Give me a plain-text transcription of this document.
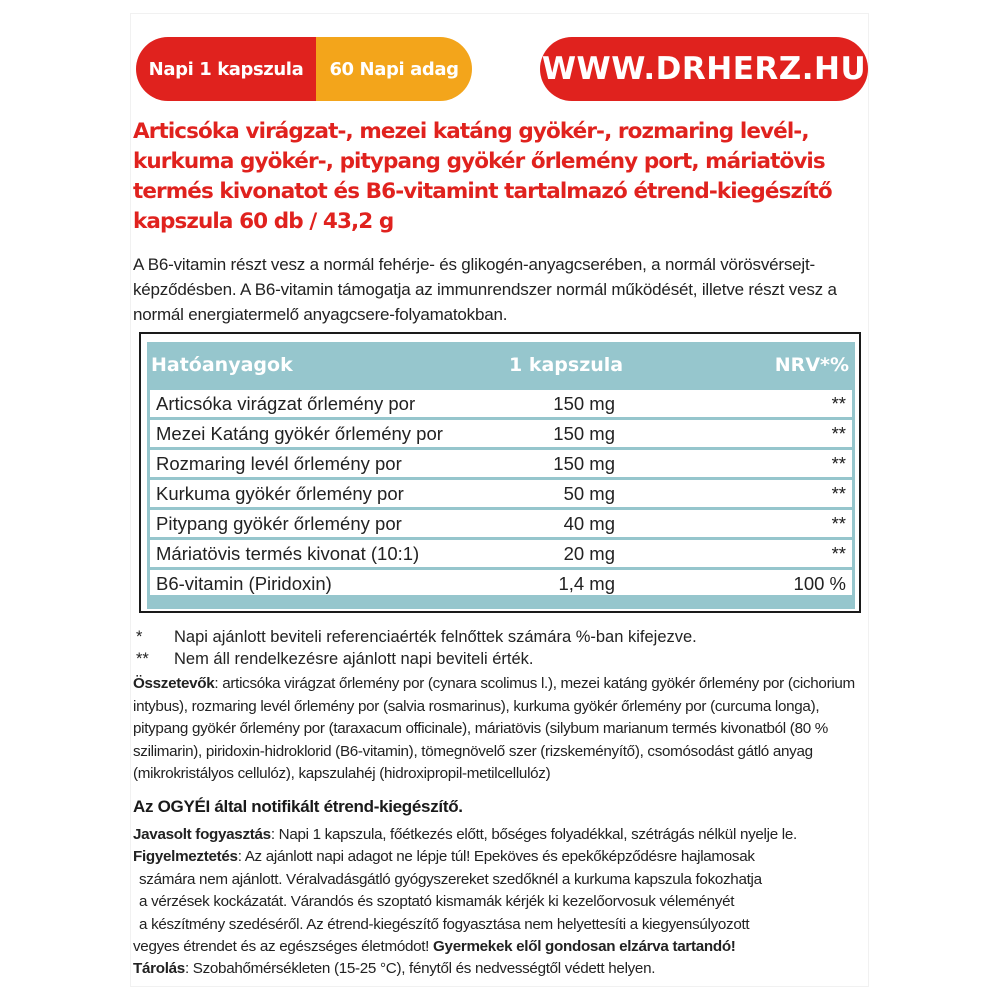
Napi 1 kapszula	60 Napi adag	WWW.DRHERZ.HU

Articsóka virágzat-, mezei katáng gyökér-, rozmaring levél-, kurkuma gyökér-, pitypang gyökér őrlemény port, máriatövis termés kivonatot és B6-vitamint tartalmazó étrend-kiegészítő kapszula 60 db / 43,2 g

A B6-vitamin részt vesz a normál fehérje- és glikogén-anyagcserében, a normál vörösvérsejt-képződésben. A B6-vitamin támogatja az immunrendszer normál működését, illetve részt vesz a normál energiatermelő anyagcsere-folyamatokban.

Hatóanyagok	1 kapszula	NRV*%
Articsóka virágzat őrlemény por	150 mg	**
Mezei Katáng gyökér őrlemény por	150 mg	**
Rozmaring levél őrlemény por	150 mg	**
Kurkuma gyökér őrlemény por	50 mg	**
Pitypang gyökér őrlemény por	40 mg	**
Máriatövis termés kivonat (10:1)	20 mg	**
B6-vitamin (Piridoxin)	1,4 mg	100 %
* Napi ajánlott beviteli referenciaérték felnőttek számára %-ban kifejezve.
** Nem áll rendelkezésre ajánlott napi beviteli érték.

Összetevők: articsóka virágzat őrlemény por (cynara scolimus l.), mezei katáng gyökér őrlemény por (cichorium intybus), rozmaring levél őrlemény por (salvia rosmarinus), kurkuma gyökér őrlemény por (curcuma longa), pitypang gyökér őrlemény por (taraxacum officinale), máriatövis (silybum marianum termés kivonatból (80 % szilimarin), piridoxin-hidroklorid (B6-vitamin), tömegnövelő szer (rizskeményítő), csomósodást gátló anyag (mikrokristályos cellulóz), kapszulahéj (hidroxipropil-metilcellulóz)

Az OGYÉI által notifikált étrend-kiegészítő.

Javasolt fogyasztás: Napi 1 kapszula, főétkezés előtt, bőséges folyadékkal, szétrágás nélkül nyelje le.

Figyelmeztetés: Az ajánlott napi adagot ne lépje túl! Epeköves és epekőképződésre hajlamosak

számára nem ajánlott. Véralvadásgátló gyógyszereket szedőknél a kurkuma kapszula fokozhatja

a vérzések kockázatát. Várandós és szoptató kismamák kérjék ki kezelőorvosuk véleményét

a készítmény szedéséről. Az étrend-kiegészítő fogyasztása nem helyettesíti a kiegyensúlyozott

vegyes étrendet és az egészséges életmódot! Gyermekek elől gondosan elzárva tartandó!

Tárolás: Szobahőmérsékleten (15-25 °C), fénytől és nedvességtől védett helyen.
